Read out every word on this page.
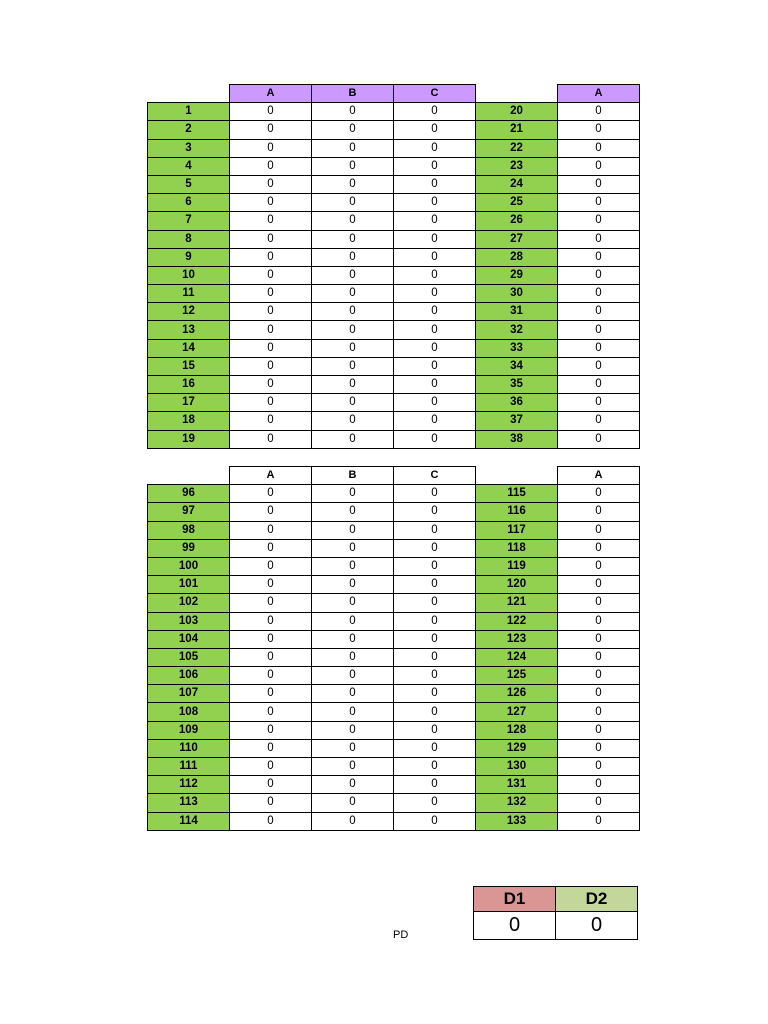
	A	B	C		A
1	0	0	0	20	0
2	0	0	0	21	0
3	0	0	0	22	0
4	0	0	0	23	0
5	0	0	0	24	0
6	0	0	0	25	0
7	0	0	0	26	0
8	0	0	0	27	0
9	0	0	0	28	0
10	0	0	0	29	0
11	0	0	0	30	0
12	0	0	0	31	0
13	0	0	0	32	0
14	0	0	0	33	0
15	0	0	0	34	0
16	0	0	0	35	0
17	0	0	0	36	0
18	0	0	0	37	0
19	0	0	0	38	0
	A	B	C		A
96	0	0	0	115	0
97	0	0	0	116	0
98	0	0	0	117	0
99	0	0	0	118	0
100	0	0	0	119	0
101	0	0	0	120	0
102	0	0	0	121	0
103	0	0	0	122	0
104	0	0	0	123	0
105	0	0	0	124	0
106	0	0	0	125	0
107	0	0	0	126	0
108	0	0	0	127	0
109	0	0	0	128	0
110	0	0	0	129	0
111	0	0	0	130	0
112	0	0	0	131	0
113	0	0	0	132	0
114	0	0	0	133	0
PD
D1	D2
0	0
